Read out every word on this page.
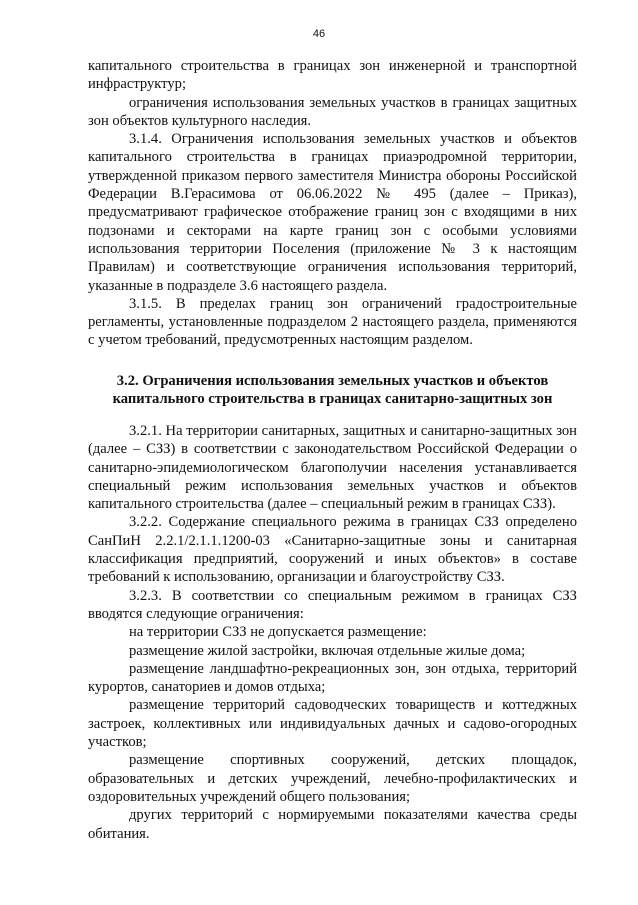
46

капитального строительства в границах зон инженерной и транспортной инфраструктур;

ограничения использования земельных участков в границах защитных зон объектов культурного наследия.

3.1.4. Ограничения использования земельных участков и объектов капитального строительства в границах приаэродромной территории, утвержденной приказом первого заместителя Министра обороны Российской Федерации В.Герасимова от 06.06.2022 № 495 (далее – Приказ), предусматривают графическое отображение границ зон с входящими в них подзонами и секторами на карте границ зон с особыми условиями использования территории Поселения (приложение № 3 к настоящим Правилам) и соответствующие ограничения использования территорий, указанные в подразделе 3.6 настоящего раздела.

3.1.5. В пределах границ зон ограничений градостроительные регламенты, установленные подразделом 2 настоящего раздела, применяются с учетом требований, предусмотренных настоящим разделом.

3.2. Ограничения использования земельных участков и объектов

капитального строительства в границах санитарно-защитных зон

3.2.1. На территории санитарных, защитных и санитарно-защитных зон (далее – СЗЗ) в соответствии с законодательством Российской Федерации о санитарно-эпидемиологическом благополучии населения устанавливается специальный режим использования земельных участков и объектов капитального строительства (далее – специальный режим в границах СЗЗ).

3.2.2. Содержание специального режима в границах СЗЗ определено СанПиН 2.2.1/2.1.1.1200-03 «Санитарно-защитные зоны и санитарная классификация предприятий, сооружений и иных объектов» в составе требований к использованию, организации и благоустройству СЗЗ.

3.2.3. В соответствии со специальным режимом в границах СЗЗ вводятся следующие ограничения:

на территории СЗЗ не допускается размещение:

размещение жилой застройки, включая отдельные жилые дома;

размещение ландшафтно-рекреационных зон, зон отдыха, территорий курортов, санаториев и домов отдыха;

размещение территорий садоводческих товариществ и коттеджных застроек, коллективных или индивидуальных дачных и садово-огородных участков;

размещение спортивных сооружений, детских площадок, образовательных и детских учреждений, лечебно-профилактических и оздоровительных учреждений общего пользования;

других территорий с нормируемыми показателями качества среды обитания.
